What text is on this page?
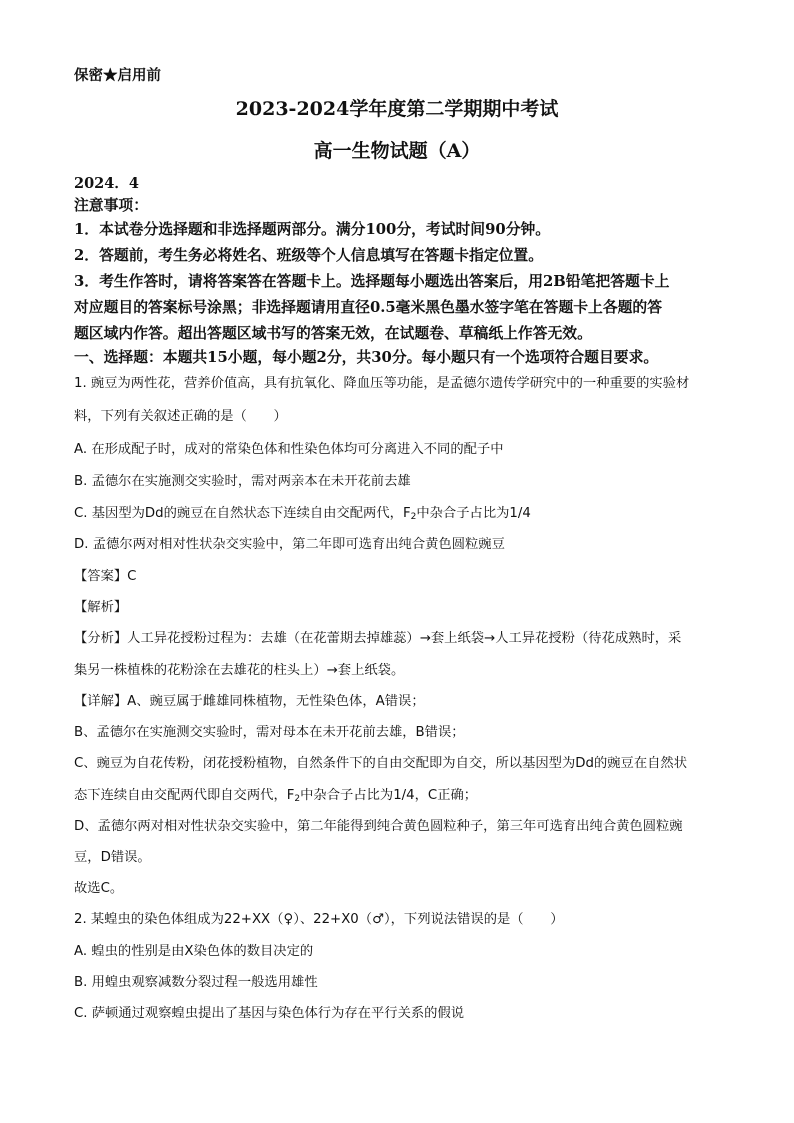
保密★启用前
2023-2024学年度第二学期期中考试
高一生物试题（A）
2024．4
注意事项：
1．本试卷分选择题和非选择题两部分。满分100分，考试时间90分钟。
2．答题前，考生务必将姓名、班级等个人信息填写在答题卡指定位置。
3．考生作答时，请将答案答在答题卡上。选择题每小题选出答案后，用2B铅笔把答题卡上
对应题目的答案标号涂黑；非选择题请用直径0.5毫米黑色墨水签字笔在答题卡上各题的答
题区域内作答。超出答题区域书写的答案无效，在试题卷、草稿纸上作答无效。
一、选择题：本题共15小题，每小题2分，共30分。每小题只有一个选项符合题目要求。
1. 豌豆为两性花，营养价值高，具有抗氧化、降血压等功能，是孟德尔遗传学研究中的一种重要的实验材
料，下列有关叙述正确的是（　　）
A. 在形成配子时，成对的常染色体和性染色体均可分离进入不同的配子中
B. 孟德尔在实施测交实验时，需对两亲本在未开花前去雄
C. 基因型为Dd的豌豆在自然状态下连续自由交配两代，$F_2$中杂合子占比为1/4
D. 孟德尔两对相对性状杂交实验中，第二年即可选育出纯合黄色圆粒豌豆
【答案】C
【解析】
【分析】人工异花授粉过程为：去雄（在花蕾期去掉雄蕊）→套上纸袋→人工异花授粉（待花成熟时，采
集另一株植株的花粉涂在去雄花的柱头上）→套上纸袋。
【详解】A、豌豆属于雌雄同株植物，无性染色体，A错误；
B、孟德尔在实施测交实验时，需对母本在未开花前去雄，B错误；
C、豌豆为自花传粉，闭花授粉植物，自然条件下的自由交配即为自交，所以基因型为Dd的豌豆在自然状
态下连续自由交配两代即自交两代，$F_2$中杂合子占比为1/4，C正确；
D、孟德尔两对相对性状杂交实验中，第二年能得到纯合黄色圆粒种子，第三年可选育出纯合黄色圆粒豌
豆，D错误。
故选C。
2. 某蝗虫的染色体组成为22+XX（♀）、22+X0（♂），下列说法错误的是（　　）
A. 蝗虫的性别是由X染色体的数目决定的
B. 用蝗虫观察减数分裂过程一般选用雄性
C. 萨顿通过观察蝗虫提出了基因与染色体行为存在平行关系的假说
